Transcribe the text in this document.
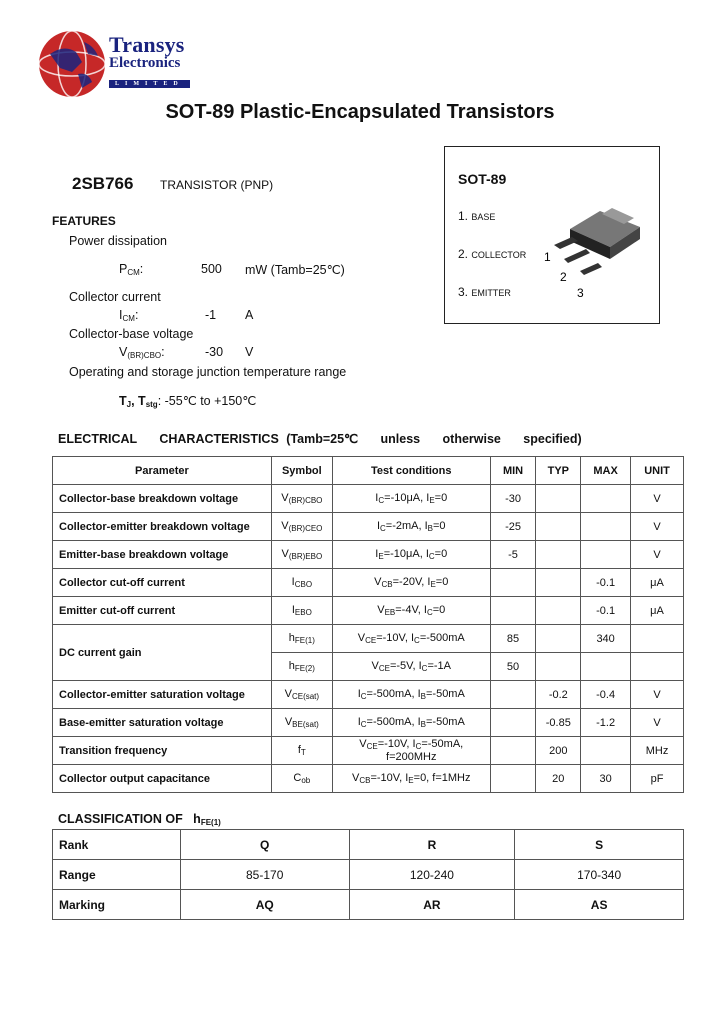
Transys
Electronics
LIMITED
SOT-89 Plastic-Encapsulated Transistors
SOT-89
1. BASE
2. COLLECTOR
3. EMITTER
1
2
3
2SB766 TRANSISTOR (PNP)
FEATURES
Power dissipation
$P_{CM}$:	500 mW (Tamb=25℃)
Collector current
$I_{CM}$:	-1 A
Collector-base voltage
$V_{(BR)CBO}$:	-30 V
Operating and storage junction temperature range
$T_J$, $T_{stg}$: -55℃ to +150℃
ELECTRICAL   CHARACTERISTICS (Tamb=25℃   unless   otherwise   specified)
Parameter	Symbol	Test conditions	MIN	TYP	MAX	UNIT
Collector-base breakdown voltage	$V_{(BR)CBO}$	$I_C=-10\mu A$, $I_E=0$	-30			V
Collector-emitter breakdown voltage	$V_{(BR)CEO}$	$I_C=-2mA$, $I_B=0$	-25			V
Emitter-base breakdown voltage	$V_{(BR)EBO}$	$I_E=-10\mu A$, $I_C=0$	-5			V
Collector cut-off current	$I_{CBO}$	$V_{CB}=-20V$, $I_E=0$			-0.1	μA
Emitter cut-off current	$I_{EBO}$	$V_{EB}=-4V$, $I_C=0$			-0.1	μA
DC current gain	$h_{FE(1)}$	$V_{CE}=-10V$, $I_C=-500mA$	85		340	
	$h_{FE(2)}$	$V_{CE}=-5V$, $I_C=-1A$	50			
Collector-emitter saturation voltage	$V_{CE(sat)}$	$I_C=-500mA$, $I_B=-50mA$		-0.2	-0.4	V
Base-emitter saturation voltage	$V_{BE(sat)}$	$I_C=-500mA$, $I_B=-50mA$		-0.85	-1.2	V
Transition frequency	$f_T$	$V_{CE}=-10V$, $I_C=-50mA$, f=200MHz		200		MHz
Collector output capacitance	$C_{ob}$	$V_{CB}=-10V$, $I_E=0$, f=1MHz		20	30	pF
CLASSIFICATION OF   $h_{FE(1)}$
Rank	Q	R	S
Range	85-170	120-240	170-340
Marking	AQ	AR	AS
